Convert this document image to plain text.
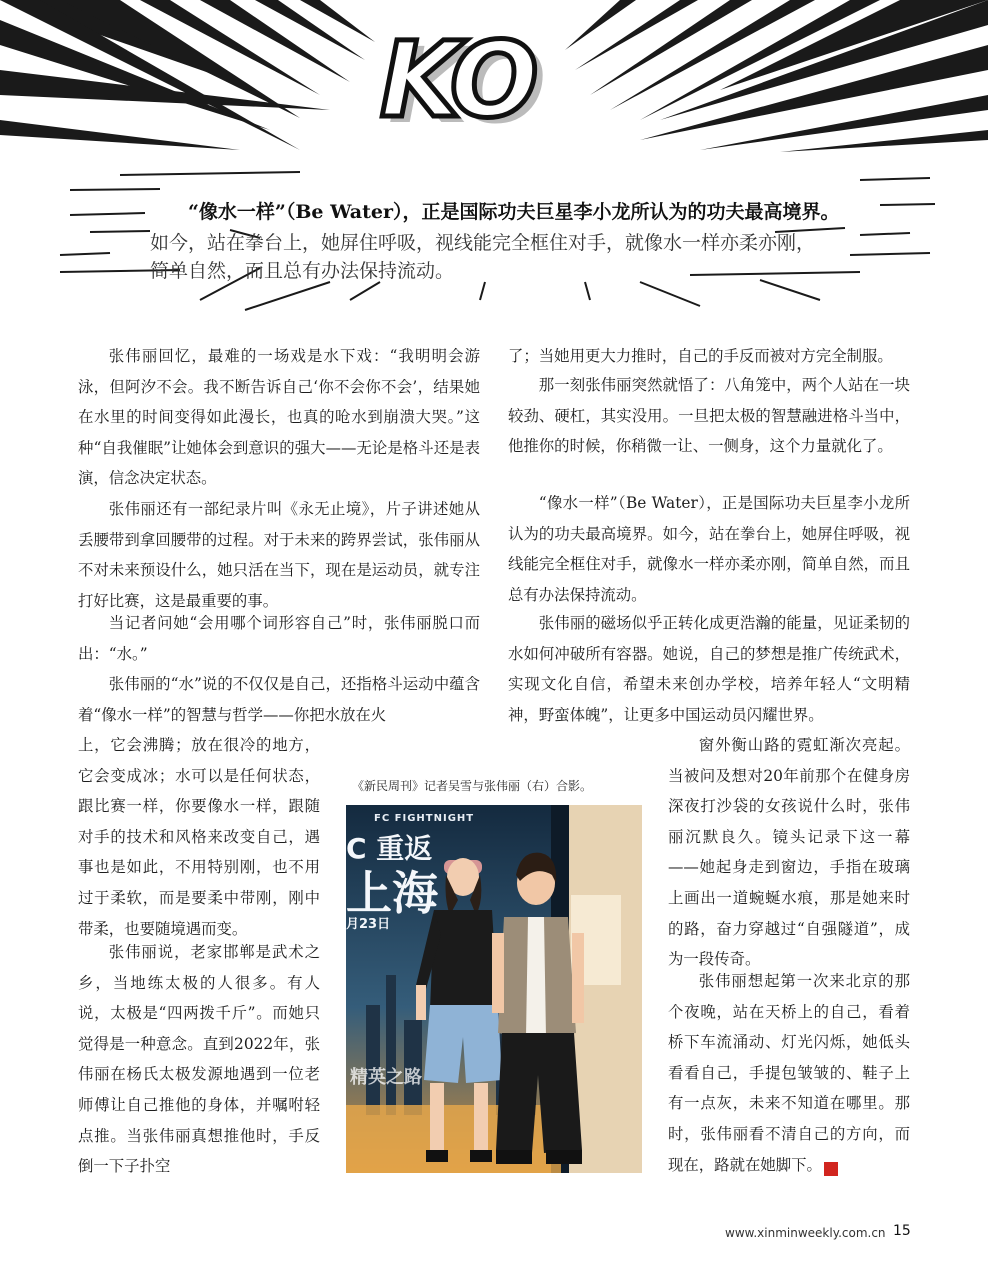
KO
“像水一样”（Be Water），正是国际功夫巨星李小龙所认为的功夫最高境界。
如今，站在拳台上，她屏住呼吸，视线能完全框住对手，就像水一样亦柔亦刚，
简单自然，而且总有办法保持流动。

张伟丽回忆，最难的一场戏是水下戏：“我明明会游泳，但阿汐不会。我不断告诉自己‘你不会你不会’，结果她在水里的时间变得如此漫长，也真的呛水到崩溃大哭。”这种“自我催眠”让她体会到意识的强大——无论是格斗还是表演，信念决定状态。

张伟丽还有一部纪录片叫《永无止境》，片子讲述她从丢腰带到拿回腰带的过程。对于未来的跨界尝试，张伟丽从不对未来预设什么，她只活在当下，现在是运动员，就专注打好比赛，这是最重要的事。

当记者问她“会用哪个词形容自己”时，张伟丽脱口而出：“水。”

张伟丽的“水”说的不仅仅是自己，还指格斗运动中蕴含着“像水一样”的智慧与哲学——你把水放在火

上，它会沸腾；放在很冷的地方，它会变成冰；水可以是任何状态，跟比赛一样，你要像水一样，跟随对手的技术和风格来改变自己，遇事也是如此，不用特别刚，也不用过于柔软，而是要柔中带刚，刚中带柔，也要随境遇而变。

张伟丽说，老家邯郸是武术之乡，当地练太极的人很多。有人说，太极是“四两拨千斤”。而她只觉得是一种意念。直到2022年，张伟丽在杨氏太极发源地遇到一位老师傅让自己推他的身体，并嘱咐轻点推。当张伟丽真想推他时，手反倒一下子扑空

了；当她用更大力推时，自己的手反而被对方完全制服。

那一刻张伟丽突然就悟了：八角笼中，两个人站在一块较劲、硬杠，其实没用。一旦把太极的智慧融进格斗当中，他推你的时候，你稍微一让、一侧身，这个力量就化了。

“像水一样”（Be Water），正是国际功夫巨星李小龙所认为的功夫最高境界。如今，站在拳台上，她屏住呼吸，视线能完全框住对手，就像水一样亦柔亦刚，简单自然，而且总有办法保持流动。

张伟丽的磁场似乎正转化成更浩瀚的能量，见证柔韧的水如何冲破所有容器。她说，自己的梦想是推广传统武术，实现文化自信，希望未来创办学校，培养年轻人“文明精神，野蛮体魄”，让更多中国运动员闪耀世界。

窗外衡山路的霓虹渐次亮起。当被问及想对20年前那个在健身房深夜打沙袋的女孩说什么时，张伟丽沉默良久。镜头记录下这一幕——她起身走到窗边，手指在玻璃上画出一道蜿蜒水痕，那是她来时的路，奋力穿越过“自强隧道”，成为一段传奇。

张伟丽想起第一次来北京的那个夜晚，站在天桥上的自己，看着桥下车流涌动、灯光闪烁，她低头看看自己，手提包皱皱的、鞋子上有一点灰，未来不知道在哪里。那时，张伟丽看不清自己的方向，而现在，路就在她脚下。	民

《新民周刊》记者吴雪与张伟丽（右）合影。
FC FIGHTNIGHT
C 重返
上海
月23日
精英之路
www.xinminweekly.com.cn 15
